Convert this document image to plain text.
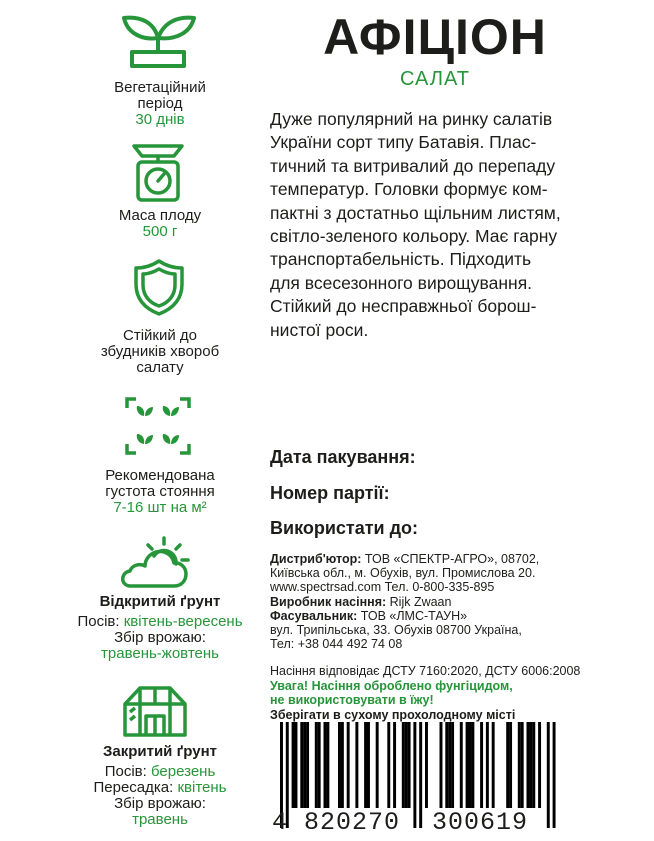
Вегетаційний
період
30 днів
Маса плоду
500 г
Стійкий до
збудників хвороб
салату
Рекомендована
густота стояння
7-16 шт на м²
Відкритий ґрунт
Посів: квітень-вересень
Збір врожаю:
травень-жовтень
Закритий ґрунт
Посів: березень
Пересадка: квітень
Збір врожаю:
травень
АФІЦІОН
САЛАТ
Дуже популярний на ринку салатів
України сорт типу Батавія. Плас-
тичний та витривалий до перепаду
температур. Головки формує ком-
пактні з достатньо щільним листям,
світло-зеленого кольору. Має гарну
транспортабельність. Підходить
для всесезонного вирощування.
Стійкий до несправжньої борош-
нистої роси.
Дата пакування:
Номер партії:
Використати до:
Дистриб'ютор: ТОВ «СПЕКТР-АГРО», 08702,
Київська обл., м. Обухів, вул. Промислова 20.
www.spectrsad.com Тел. 0-800-335-895
Виробник насіння: Rijk Zwaan
Фасувальник: ТОВ «ЛМС-ТАУН»
вул. Трипільська, 33. Обухів 08700 Україна,
Тел: +38 044 492 74 08
Насіння відповідає ДСТУ 7160:2020, ДСТУ 6006:2008
Увага! Насіння оброблено фунгіцидом,
не використовувати в їжу!
Зберігати в сухому прохолодному місті
4 820270 300619
